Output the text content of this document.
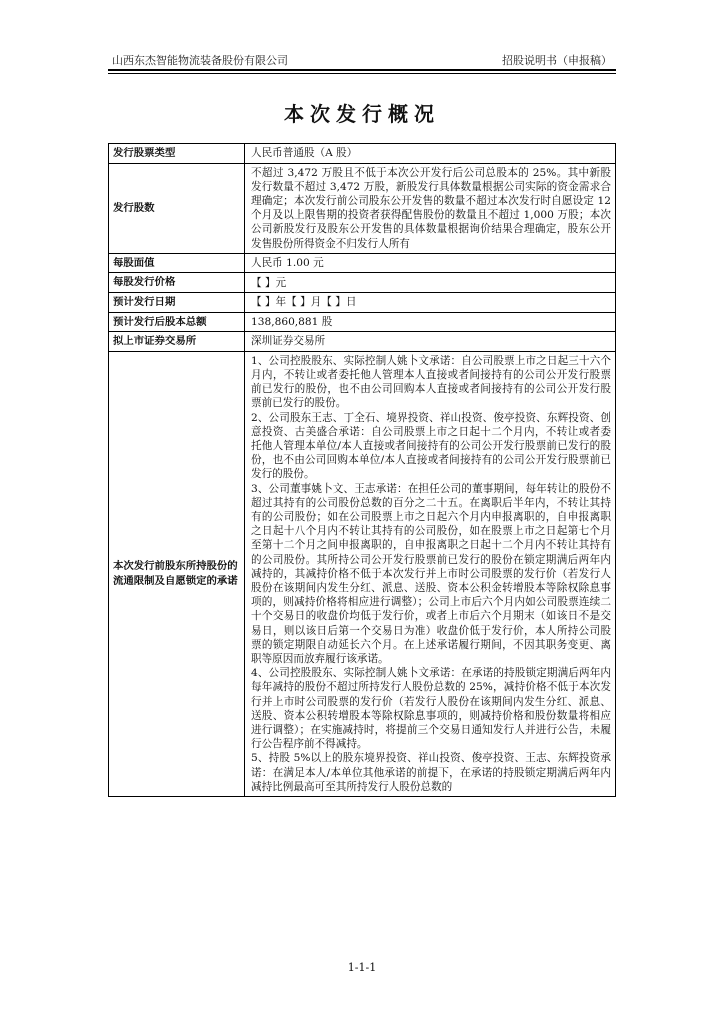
山西东杰智能物流装备股份有限公司	招股说明书（申报稿）
本次发行概况
发行股票类型	人民币普通股（A 股）
发行股数	不超过 3,472 万股且不低于本次公开发行后公司总股本的 25%。其中新股发行数量不超过 3,472 万股，新股发行具体数量根据公司实际的资金需求合理确定；本次发行前公司股东公开发售的数量不超过本次发行时自愿设定 12 个月及以上限售期的投资者获得配售股份的数量且不超过 1,000 万股；本次公司新股发行及股东公开发售的具体数量根据询价结果合理确定，股东公开发售股份所得资金不归发行人所有
每股面值	人民币 1.00 元
每股发行价格	【 】元
预计发行日期	【 】年【 】月【 】日
预计发行后股本总额	138,860,881 股
拟上市证券交易所	深圳证券交易所
本次发行前股东所持股份的流通限制及自愿锁定的承诺	1、公司控股股东、实际控制人姚卜文承诺：自公司股票上市之日起三十六个月内，不转让或者委托他人管理本人直接或者间接持有的公司公开发行股票前已发行的股份，也不由公司回购本人直接或者间接持有的公司公开发行股票前已发行的股份。
2、公司股东王志、丁全石、境界投资、祥山投资、俊亭投资、东辉投资、创意投资、古美盛合承诺：自公司股票上市之日起十二个月内，不转让或者委托他人管理本单位/本人直接或者间接持有的公司公开发行股票前已发行的股份，也不由公司回购本单位/本人直接或者间接持有的公司公开发行股票前已发行的股份。
3、公司董事姚卜文、王志承诺：在担任公司的董事期间，每年转让的股份不超过其持有的公司股份总数的百分之二十五。在离职后半年内，不转让其持有的公司股份；如在公司股票上市之日起六个月内申报离职的，自申报离职之日起十八个月内不转让其持有的公司股份，如在股票上市之日起第七个月至第十二个月之间申报离职的，自申报离职之日起十二个月内不转让其持有的公司股份。其所持公司公开发行股票前已发行的股份在锁定期满后两年内减持的，其减持价格不低于本次发行并上市时公司股票的发行价（若发行人股份在该期间内发生分红、派息、送股、资本公积金转增股本等除权除息事项的，则减持价格将相应进行调整）；公司上市后六个月内如公司股票连续二十个交易日的收盘价均低于发行价，或者上市后六个月期末（如该日不是交易日，则以该日后第一个交易日为准）收盘价低于发行价，本人所持公司股票的锁定期限自动延长六个月。在上述承诺履行期间，不因其职务变更、离职等原因而放弃履行该承诺。
4、公司控股股东、实际控制人姚卜文承诺：在承诺的持股锁定期满后两年内每年减持的股份不超过所持发行人股份总数的 25%，减持价格不低于本次发行并上市时公司股票的发行价（若发行人股份在该期间内发生分红、派息、送股、资本公积转增股本等除权除息事项的，则减持价格和股份数量将相应进行调整）；在实施减持时，将提前三个交易日通知发行人并进行公告，未履行公告程序前不得减持。
5、持股 5%以上的股东境界投资、祥山投资、俊亭投资、王志、东辉投资承诺：在满足本人/本单位其他承诺的前提下，在承诺的持股锁定期满后两年内减持比例最高可至其所持发行人股份总数的
1-1-1
